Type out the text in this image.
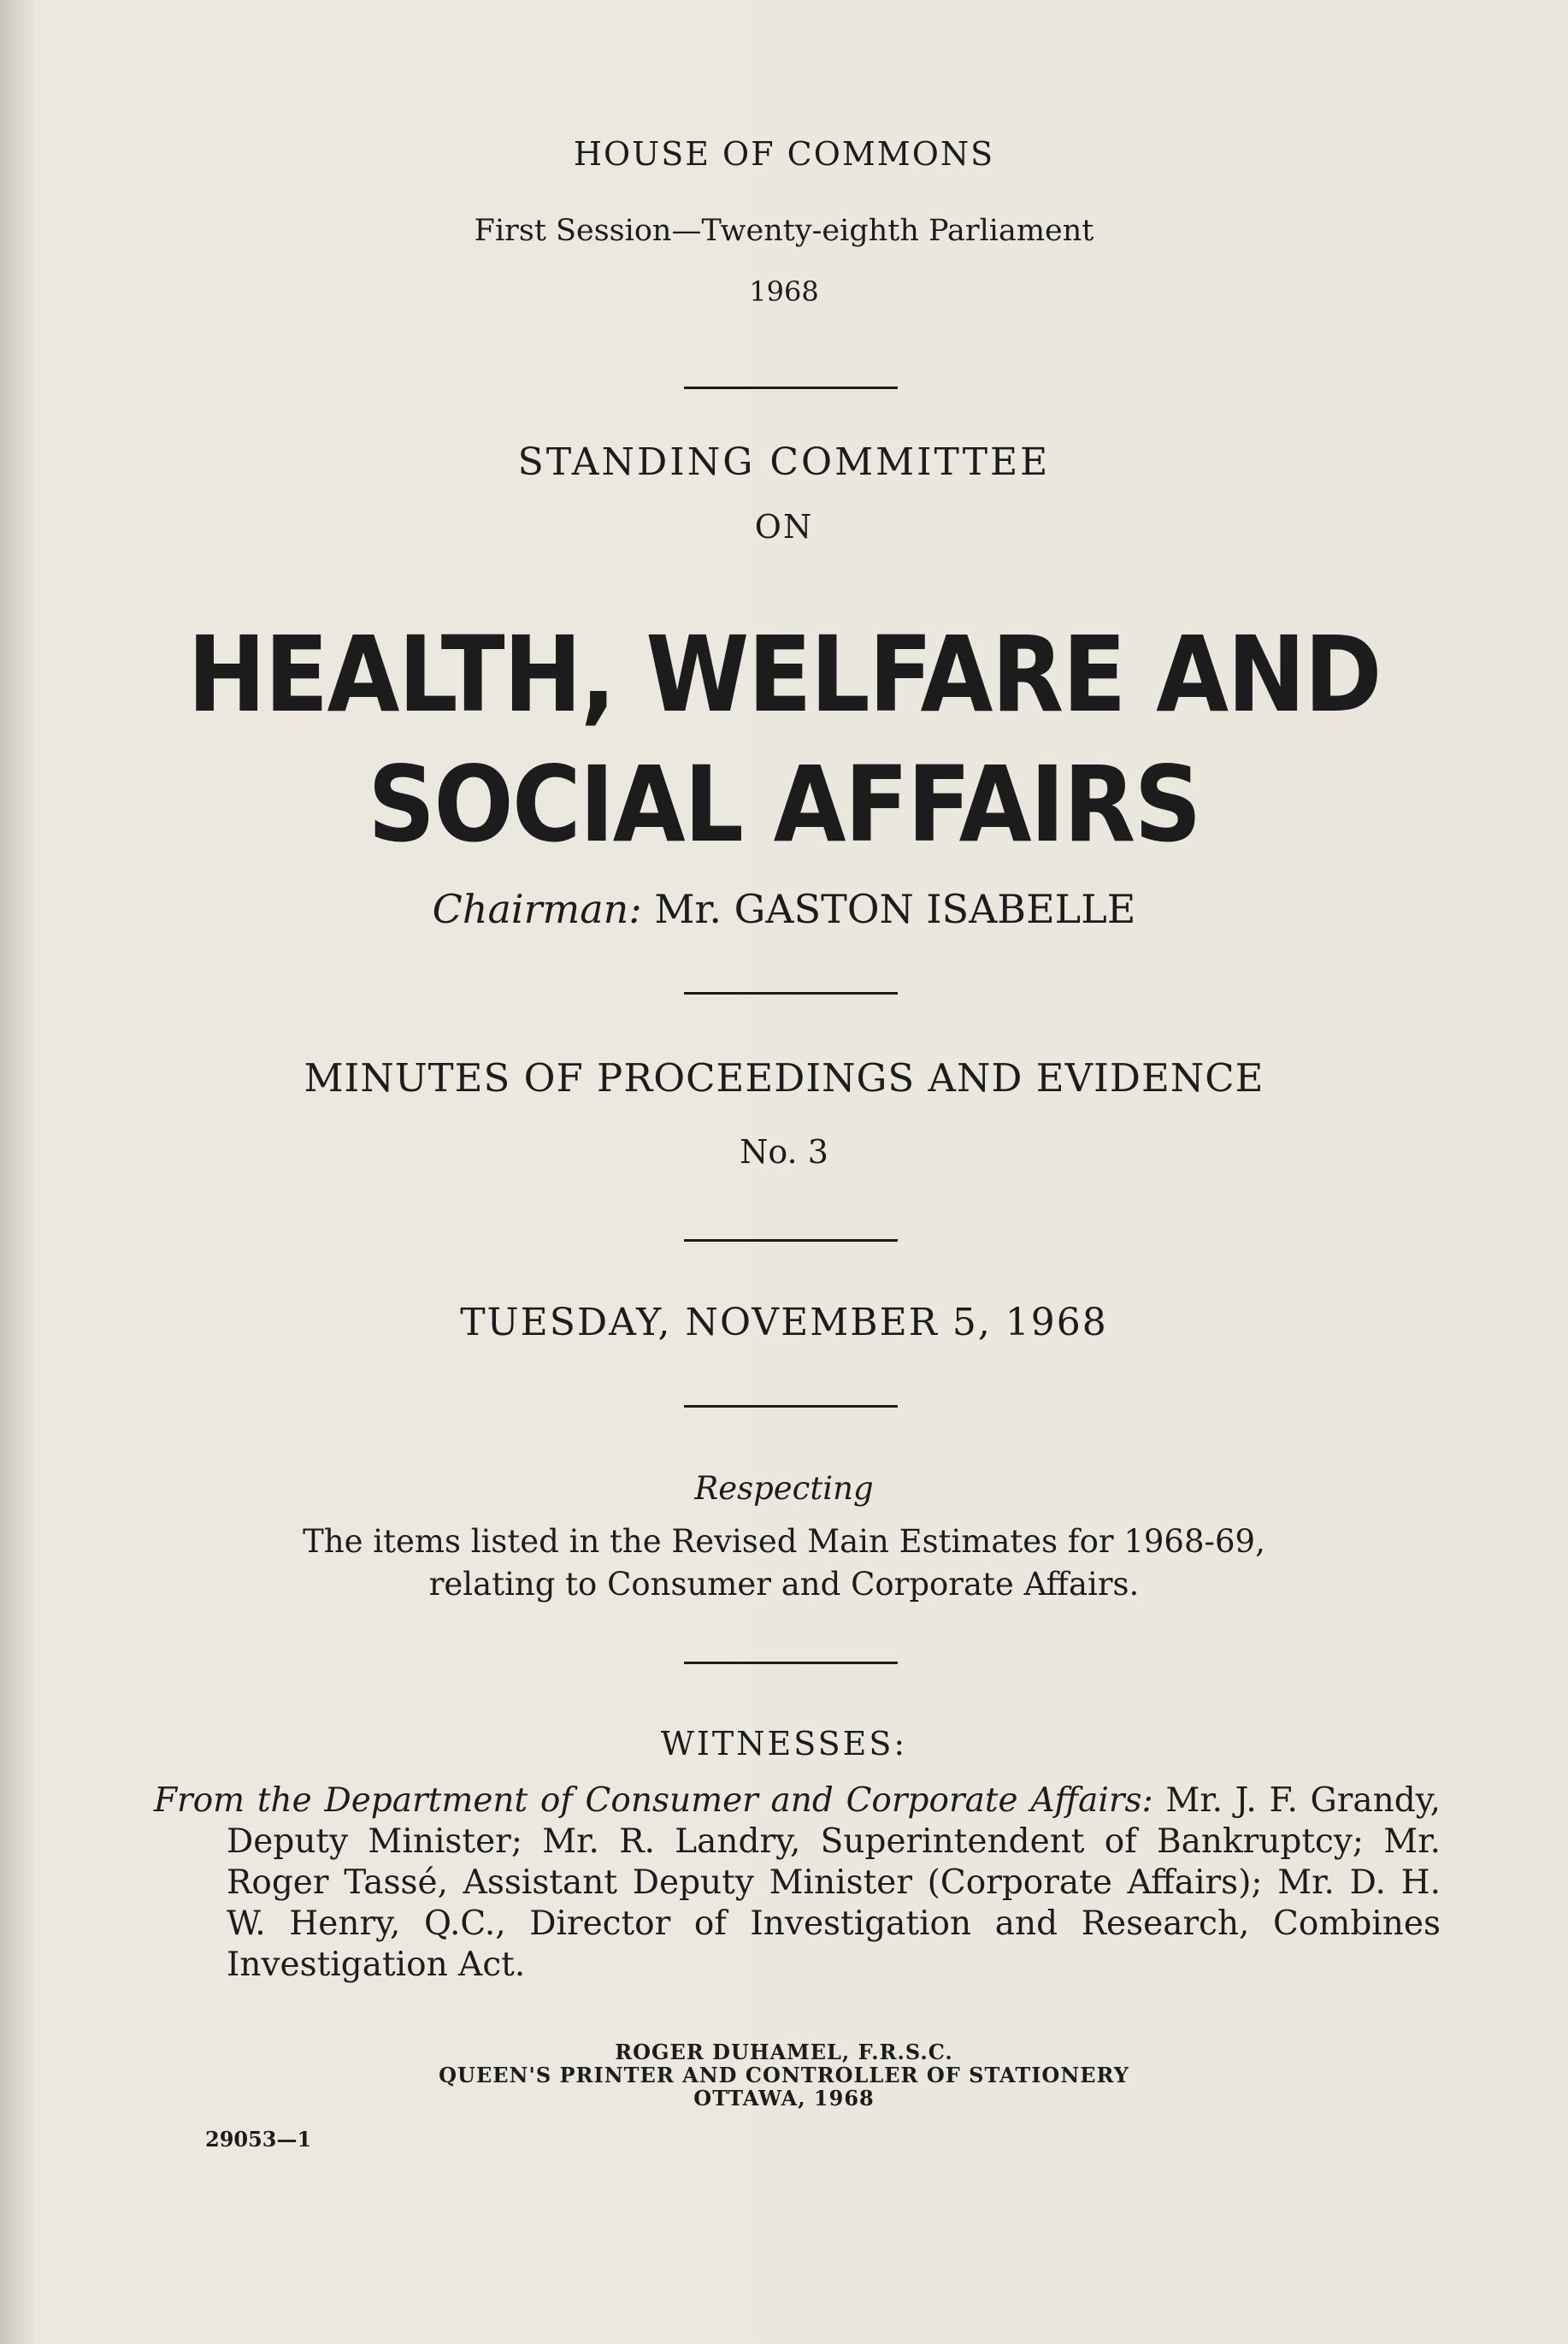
HOUSE OF COMMONS
First Session—Twenty-eighth Parliament
1968
STANDING COMMITTEE
ON
HEALTH, WELFARE AND
SOCIAL AFFAIRS
Chairman: Mr. GASTON ISABELLE
MINUTES OF PROCEEDINGS AND EVIDENCE
No. 3
TUESDAY, NOVEMBER 5, 1968
Respecting
The items listed in the Revised Main Estimates for 1968-69,
relating to Consumer and Corporate Affairs.
WITNESSES:
From the Department of Consumer and Corporate Affairs: Mr. J. F. Grandy, Deputy Minister; Mr. R. Landry, Superintendent of Bankruptcy; Mr. Roger Tassé, Assistant Deputy Minister (Corporate Affairs); Mr. D. H. W. Henry, Q.C., Director of Investigation and Research, Combines Investigation Act.
ROGER DUHAMEL, F.R.S.C.
QUEEN'S PRINTER AND CONTROLLER OF STATIONERY
OTTAWA, 1968
29053—1
